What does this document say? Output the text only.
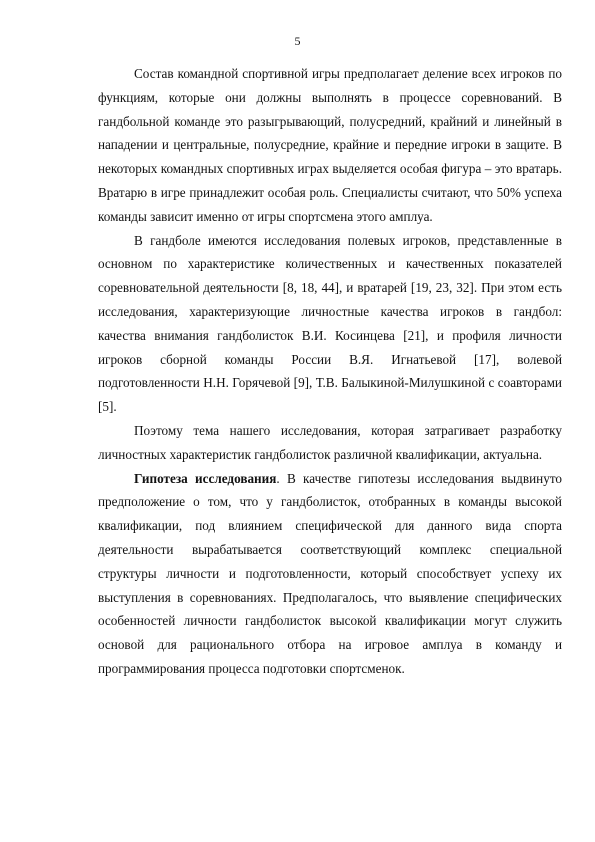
5

Состав командной спортивной игры предполагает деление всех игроков по функциям, которые они должны выполнять в процессе соревнований. В гандбольной команде это разыгрывающий, полусредний, крайний и линейный в нападении и центральные, полусредние, крайние и передние игроки в защите. В некоторых командных спортивных играх выделяется особая фигура – это вратарь. Вратарю в игре принадлежит особая роль. Специалисты считают, что 50% успеха команды зависит именно от игры спортсмена этого амплуа.

В гандболе имеются исследования полевых игроков, представленные в основном по характеристике количественных и качественных показателей соревновательной деятельности [8, 18, 44], и вратарей [19, 23, 32]. При этом есть исследования, характеризующие личностные качества игроков в гандбол: качества внимания гандболисток В.И. Косинцева [21], и профиля личности игроков сборной команды России В.Я. Игнатьевой [17], волевой подготовленности Н.Н. Горячевой [9], Т.В. Балыкиной-Милушкиной с соавторами [5].

Поэтому тема нашего исследования, которая затрагивает разработку личностных характеристик гандболисток различной квалификации, актуальна.

Гипотеза исследования. В качестве гипотезы исследования выдвинуто предположение о том, что у гандболисток, отобранных в команды высокой квалификации, под влиянием специфической для данного вида спорта деятельности вырабатывается соответствующий комплекс специальной структуры личности и подготовленности, который способствует успеху их выступления в соревнованиях. Предполагалось, что выявление специфических особенностей личности гандболисток высокой квалификации могут служить основой для рационального отбора на игровое амплуа в команду и программирования процесса подготовки спортсменок.
